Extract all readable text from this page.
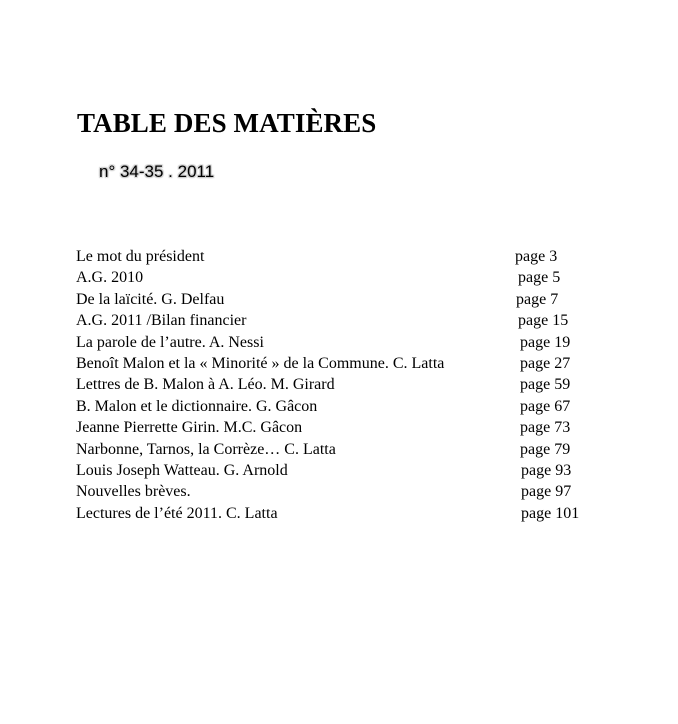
TABLE DES MATIÈRES
n° 34-35 . 2011
Le mot du président	page 3
A.G. 2010	page 5
De la laïcité. G. Delfau	page 7
A.G. 2011 /Bilan financier	page 15
La parole de l’autre. A. Nessi	page 19
Benoît Malon et la « Minorité » de la Commune. C. Latta	page 27
Lettres de B. Malon à A. Léo. M. Girard	page 59
B. Malon et le dictionnaire. G. Gâcon	page 67
Jeanne Pierrette Girin. M.C. Gâcon	page 73
Narbonne, Tarnos, la Corrèze… C. Latta	page 79
Louis Joseph Watteau. G. Arnold	page 93
Nouvelles brèves.	page 97
Lectures de l’été 2011. C. Latta	page 101
